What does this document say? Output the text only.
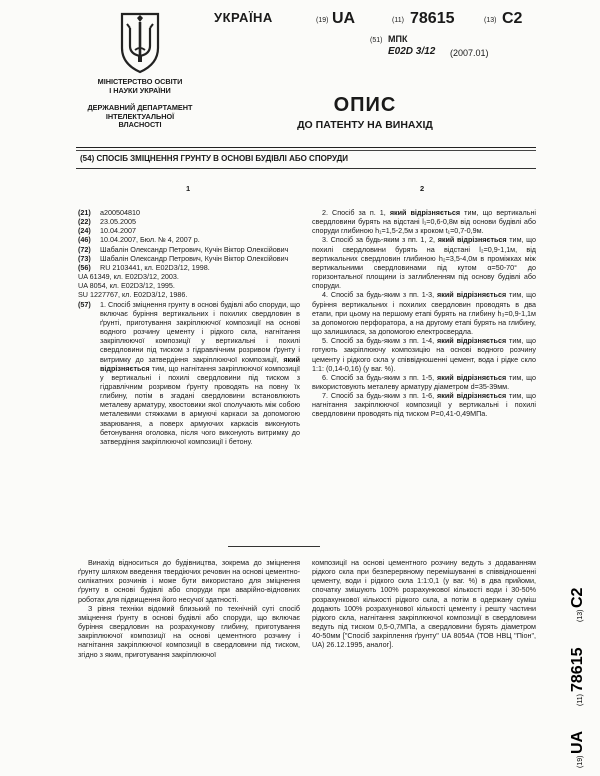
МІНІСТЕРСТВО ОСВІТИ
І НАУКИ УКРАЇНИ
ДЕРЖАВНИЙ ДЕПАРТАМЕНТ
ІНТЕЛЕКТУАЛЬНОЇ
ВЛАСНОСТІ
УКРАЇНА	(19) UA	(11) 78615	(13) C2
(51) МПК
E02D 3/12 (2007.01)
ОПИС
ДО ПАТЕНТУ НА ВИНАХІД
(54) СПОСІБ ЗМІЦНЕННЯ ГРУНТУ В ОСНОВІ БУДІВЛІ АБО СПОРУДИ
1	2
(21)	a200504810
(22)	23.05.2005
(24)	10.04.2007
(46)	10.04.2007, Бюл. № 4, 2007 р.
(72)	Шабалін Олександр Петрович, Кучін Віктор Олексійович
(73)	Шабалін Олександр Петрович, Кучін Віктор Олексійович
(56)	RU 2103441, кл. E02D3/12, 1998.
UA 61349, кл. E02D3/12, 2003.
UA 8054, кл. E02D3/12, 1995.
SU 1227767, кл. E02D3/12, 1986.
(57)	1. Спосіб зміцнення грунту в основі будівлі або споруди, що включає буріння вертикальних і похилих свердловин в ґрунті, приготування закріплюючої композиції на основі водного розчину цементу і рідкого скла, нагнітання закріплюючої композиції у вертикальні і похилі свердловини під тиском з гідравлічним розривом ґрунту і витримку до затвердіння закріплюючої композиції, який відрізняється тим, що нагнітання закріплюючої композиції у вертикальні і похилі свердловини під тиском з гідравлічним розривом ґрунту проводять на повну їх глибину, потім в згадані свердловини встановлюють металеву арматуру, хвостовики якої сполучають між собою металевими стяжками в армуючі каркаси за допомогою зварювання, а поверх армуючих каркасів виконують бетонування оголовка, після чого виконують витримку до затвердіння закріплюючої композиції і бетону.

2. Спосіб за п. 1, який відрізняється тим, що вертикальні свердловини бурять на відстані l₁=0,6-0,8м від основи будівлі або споруди глибиною h₁=1,5-2,5м з кроком t₁=0,7-0,9м.

3. Спосіб за будь-яким з пп. 1, 2, який відрізняється тим, що похилі свердловини бурять на відстані l₂=0,9-1,1м, від вертикальних свердловин глибиною h₂=3,5-4,0м в проміжках між вертикальними свердловинами під кутом α=50-70° до горизонтальної площини із заглибленням під основу будівлі або споруди.

4. Спосіб за будь-яким з пп. 1-3, який відрізняється тим, що буріння вертикальних і похилих свердловин проводять в два етапи, при цьому на першому етапі бурять на глибину h₃=0,9-1,1м за допомогою перфоратора, а на другому етапі бурять на глибину, що залишилася, за допомогою електросвердла.

5. Спосіб за будь-яким з пп. 1-4, який відрізняється тим, що готують закріплюючу композицію на основі водного розчину цементу і рідкого скла у співвідношенні цемент, вода і рідке скло 1:1: (0,14-0,16) (у ваг. %).

6. Спосіб за будь-яким з пп. 1-5, який відрізняється тим, що використовують металеву арматуру діаметром d=35-39мм.

7. Спосіб за будь-яким з пп. 1-6, який відрізняється тим, що нагнітання закріплюючої композиції у вертикальні і похилі свердловини проводять під тиском P=0,41-0,49МПа.

Винахід відноситься до будівництва, зокрема до зміцнення ґрунту шляхом введення твердіючих речовин на основі цементно-силікатних розчинів і може бути використано для зміцнення ґрунту в основі будівлі або споруди при аварійно-відновних роботах для підвищення його несучої здатності.

З рівня техніки відомий близький по технічній суті спосіб зміцнення ґрунту в основі будівлі або споруди, що включає буріння свердловин на розрахункову глибину, приготування закріплюючої композиції на основі цементного розчину і нагнітання закріплюючої композиції в свердловини під тиском, згідно з яким, приготування закріплюючої

композиції на основі цементного розчину ведуть з додаванням рідкого скла при безперервному перемішуванні в співвідношенні цементу, води і рідкого скла 1:1:0,1 (у ваг. %) в два прийоми, спочатку змішують 100% розрахункової кількості води і 30-50% розрахункової кількості рідкого скла, а потім в одержану суміш додають 100% розрахункової кількості цементу і решту частини рідкого скла, нагнітання закріплюючої композиції в свердловини ведуть під тиском 0,5-0,7МПа, а свердловини бурять діаметром 40-50мм ["Спосіб закріплення ґрунту" UA 8054А (ТОВ НВЦ "Піон", UA) 26.12.1995, аналог].

(19)
UA
(11)
78615
(13)
C2
